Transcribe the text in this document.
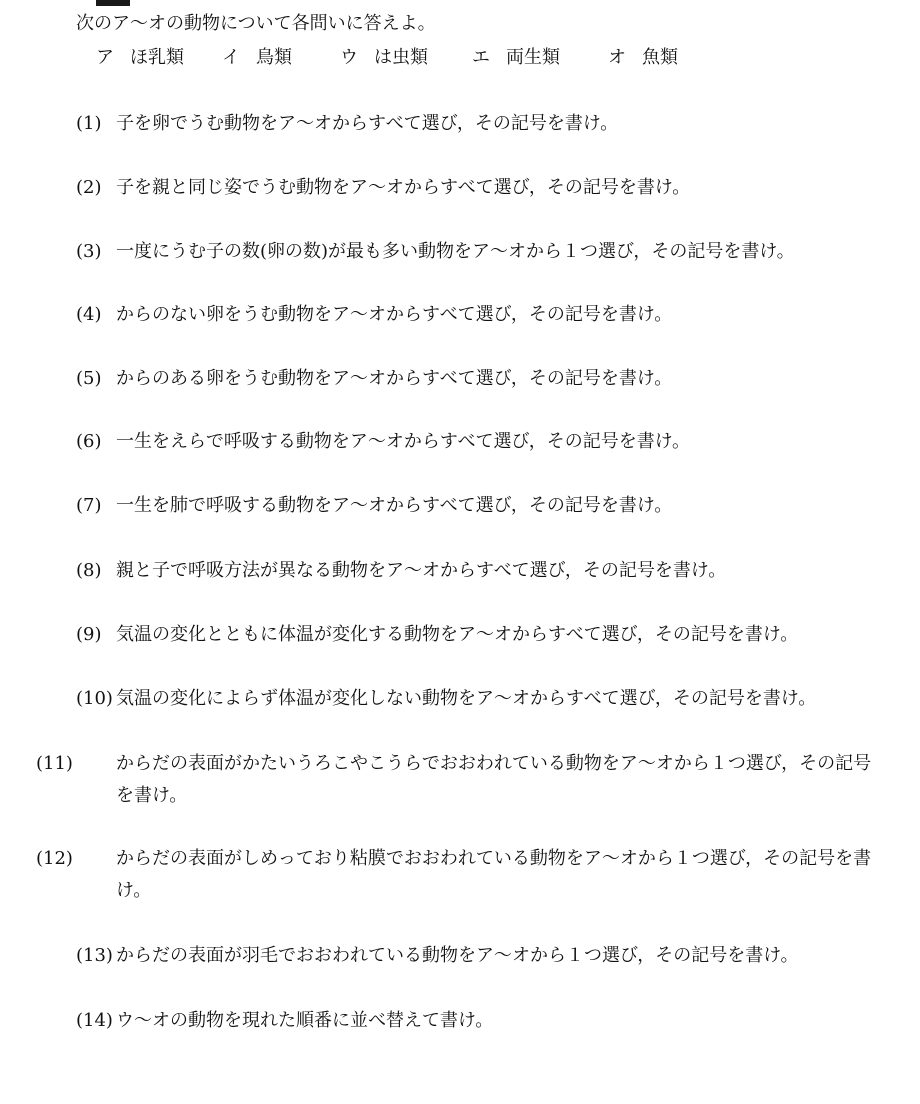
次のア～オの動物について各問いに答えよ。
ア ほ乳類 イ 鳥類	ウ は虫類 エ 両生類	オ 魚類
(1) 子を卵でうむ動物をア～オからすべて選び，その記号を書け。
(2) 子を親と同じ姿でうむ動物をア～オからすべて選び，その記号を書け。
(3) 一度にうむ子の数(卵の数)が最も多い動物をア～オから１つ選び，その記号を書け。
(4) からのない卵をうむ動物をア～オからすべて選び，その記号を書け。
(5) からのある卵をうむ動物をア～オからすべて選び，その記号を書け。
(6) 一生をえらで呼吸する動物をア～オからすべて選び，その記号を書け。
(7) 一生を肺で呼吸する動物をア～オからすべて選び，その記号を書け。
(8) 親と子で呼吸方法が異なる動物をア～オからすべて選び，その記号を書け。
(9) 気温の変化とともに体温が変化する動物をア～オからすべて選び，その記号を書け。
(10) 気温の変化によらず体温が変化しない動物をア～オからすべて選び，その記号を書け。
(11) からだの表面がかたいうろこやこうらでおおわれている動物をア～オから１つ選び，その記号を書け。
(12) からだの表面がしめっており粘膜でおおわれている動物をア～オから１つ選び，その記号を書け。
(13) からだの表面が羽毛でおおわれている動物をア～オから１つ選び，その記号を書け。
(14) ウ～オの動物を現れた順番に並べ替えて書け。
